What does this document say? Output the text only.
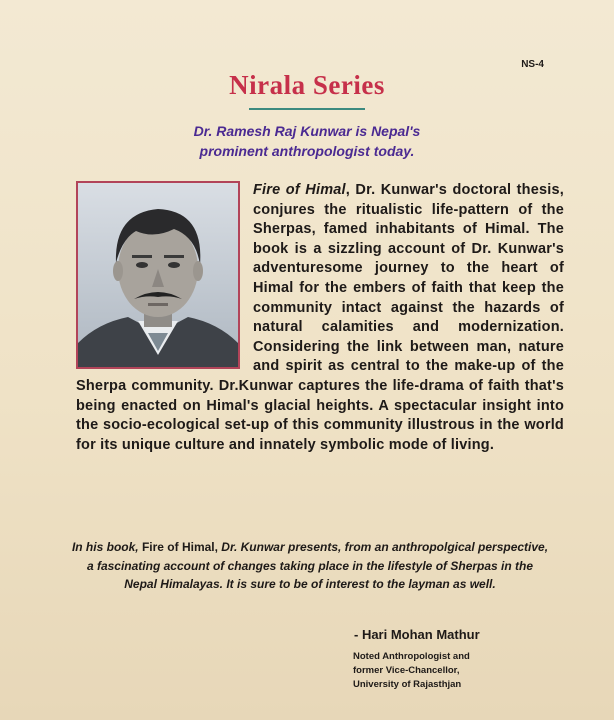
NS-4
Nirala Series
Dr. Ramesh Raj Kunwar is Nepal's
prominent anthropologist today.
Fire of Himal, Dr. Kunwar's doctoral thesis, conjures the ritualistic life-pattern of the Sherpas, famed inhabitants of Himal. The book is a sizzling account of Dr. Kunwar's adventuresome journey to the heart of Himal for the embers of faith that keep the community intact against the hazards of natural calamities and modernization. Considering the link between man, nature and spirit as central to the make-up of the Sherpa community. Dr.Kunwar captures the life-drama of faith that's being enacted on Himal's glacial heights. A spectacular insight into the socio-ecological set-up of this community illustrous in the world for its unique culture and innately symbolic mode of living.
In his book, Fire of Himal, Dr. Kunwar presents, from an anthropolgical perspective, a fascinating account of changes taking place in the lifestyle of Sherpas in the Nepal Himalayas. It is sure to be of interest to the layman as well.
- Hari Mohan Mathur
Noted Anthropologist and
former Vice-Chancellor,
University of Rajasthjan
